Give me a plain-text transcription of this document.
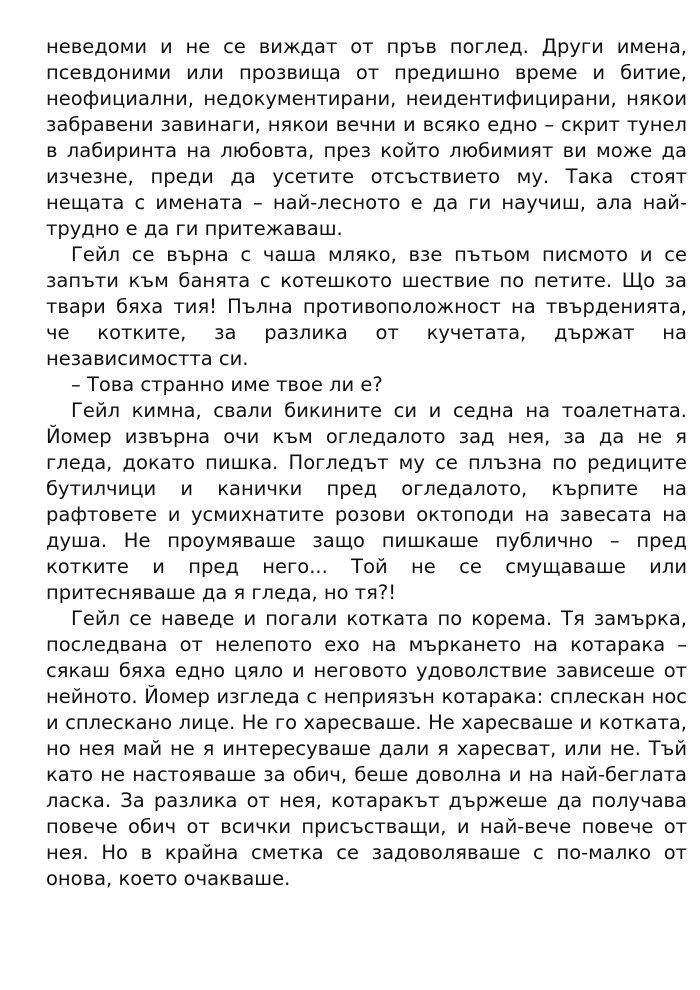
неведоми и не се виждат от пръв поглед. Други имена, псевдоними или прозвища от предишно време и битие, неофициални, недокументирани, неидентифицирани, някои забравени завинаги, някои вечни и всяко едно – скрит тунел в лабиринта на любовта, през който любимият ви може да изчезне, преди да усетите отсъствието му. Така стоят нещата с имената – най-лесното е да ги научиш, ала най-трудно е да ги притежаваш.

Гейл се върна с чаша мляко, взе пътьом писмото и се запъти към банята с котешкото шествие по петите. Що за твари бяха тия! Пълна противоположност на твърденията, че котките, за разлика от кучетата, държат на независимостта си.

– Това странно име твое ли е?

Гейл кимна, свали бикините си и седна на тоалетната. Йомер извърна очи към огледалото зад нея, за да не я гледа, докато пишка. Погледът му се плъзна по редиците бутилчици и канички пред огледалото, кърпите на рафтовете и усмихнатите розови октоподи на завесата на душа. Не проумяваше защо пишкаше публично – пред котките и пред него... Той не се смущаваше или притесняваше да я гледа, но тя?!

Гейл се наведе и погали котката по корема. Тя замърка, последвана от нелепото ехо на мъркането на котарака – сякаш бяха едно цяло и неговото удоволствие зависеше от нейното. Йомер изгледа с неприязън котарака: сплескан нос и сплескано лице. Не го харесваше. Не харесваше и котката, но нея май не я интересуваше дали я харесват, или не. Тъй като не настояваше за обич, беше доволна и на най-беглата ласка. За разлика от нея, котаракът държеше да получава повече обич от всички присъстващи, и най-вече повече от нея. Но в крайна сметка се задоволяваше с по-малко от онова, което очакваше.
